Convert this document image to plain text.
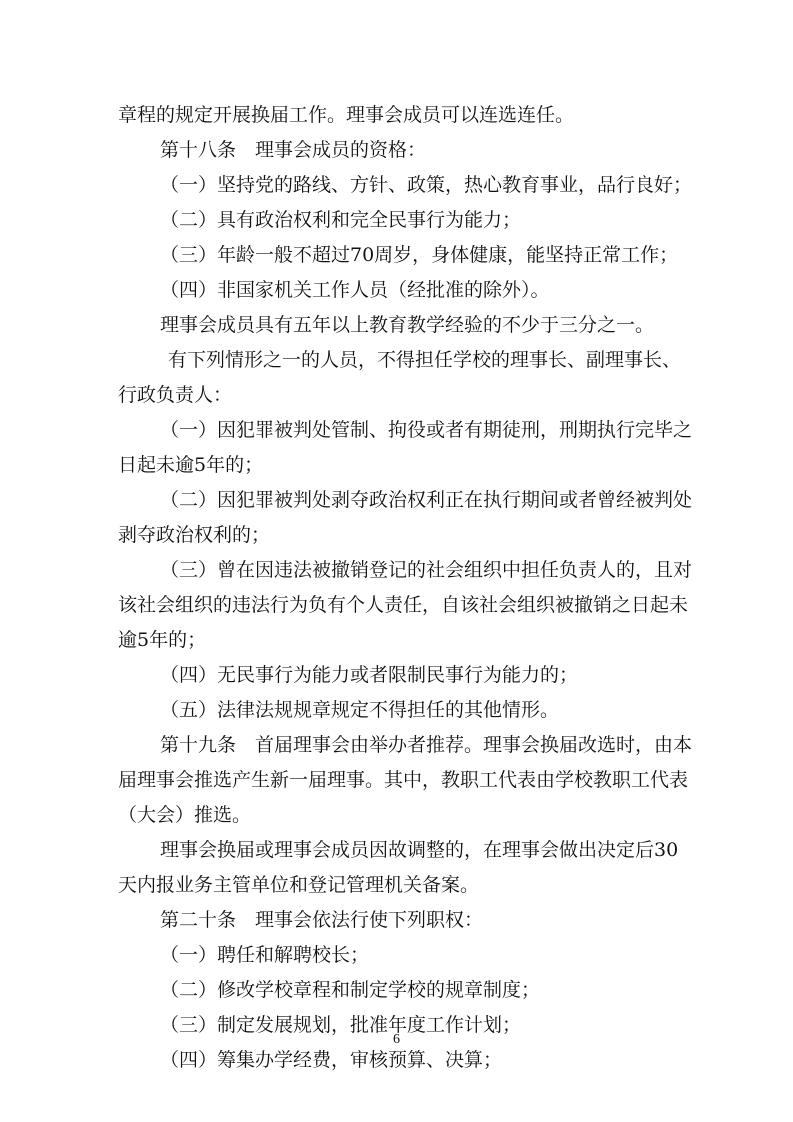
章程的规定开展换届工作。理事会成员可以连选连任。
第十八条　理事会成员的资格：
（一）坚持党的路线、方针、政策，热心教育事业，品行良好；
（二）具有政治权利和完全民事行为能力；
（三）年龄一般不超过70周岁，身体健康，能坚持正常工作；
（四）非国家机关工作人员（经批准的除外）。
理事会成员具有五年以上教育教学经验的不少于三分之一。
有下列情形之一的人员，不得担任学校的理事长、副理事长、
行政负责人：
（一）因犯罪被判处管制、拘役或者有期徒刑，刑期执行完毕之
日起未逾5年的；
（二）因犯罪被判处剥夺政治权利正在执行期间或者曾经被判处
剥夺政治权利的；
（三）曾在因违法被撤销登记的社会组织中担任负责人的，且对
该社会组织的违法行为负有个人责任，自该社会组织被撤销之日起未
逾5年的；
（四）无民事行为能力或者限制民事行为能力的；
（五）法律法规规章规定不得担任的其他情形。
第十九条　首届理事会由举办者推荐。理事会换届改选时，由本
届理事会推选产生新一届理事。其中，教职工代表由学校教职工代表
（大会）推选。
理事会换届或理事会成员因故调整的，在理事会做出决定后30
天内报业务主管单位和登记管理机关备案。
第二十条　理事会依法行使下列职权：
（一）聘任和解聘校长；
（二）修改学校章程和制定学校的规章制度；
（三）制定发展规划，批准年度工作计划；
（四）筹集办学经费，审核预算、决算；
6
